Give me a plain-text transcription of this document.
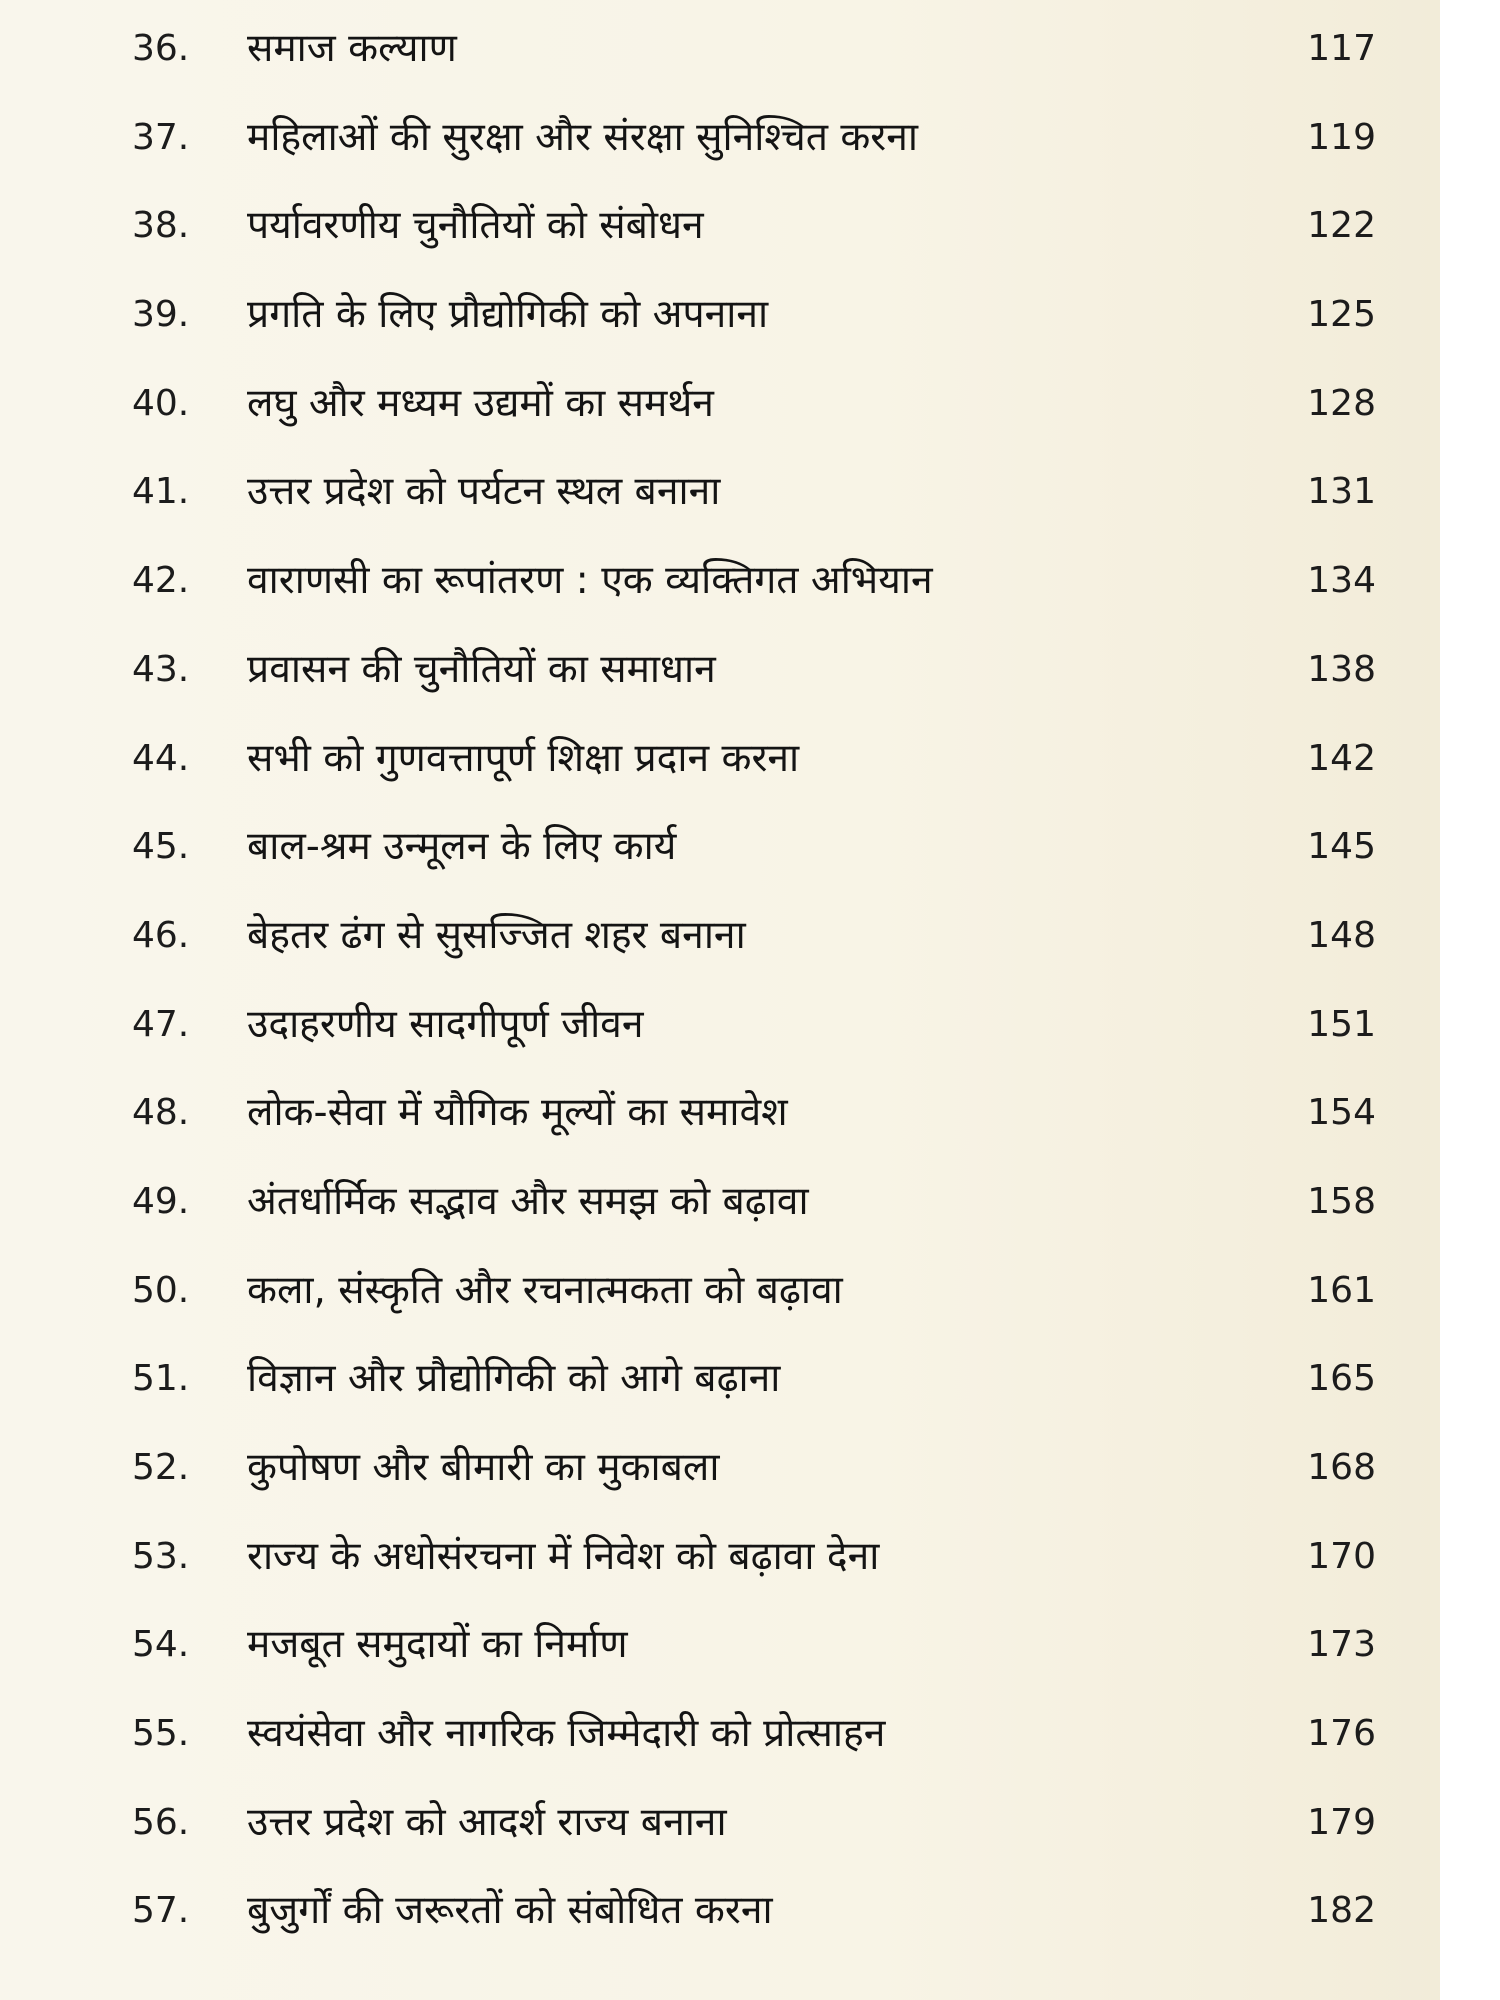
36. समाज कल्याण	117
37. महिलाओं की सुरक्षा और संरक्षा सुनिश्चित करना	119
38. पर्यावरणीय चुनौतियों को संबोधन	122
39. प्रगति के लिए प्रौद्योगिकी को अपनाना	125
40. लघु और मध्यम उद्यमों का समर्थन	128
41. उत्तर प्रदेश को पर्यटन स्थल बनाना	131
42. वाराणसी का रूपांतरण : एक व्यक्तिगत अभियान	134
43. प्रवासन की चुनौतियों का समाधान	138
44. सभी को गुणवत्तापूर्ण शिक्षा प्रदान करना	142
45. बाल-श्रम उन्मूलन के लिए कार्य	145
46. बेहतर ढंग से सुसज्जित शहर बनाना	148
47. उदाहरणीय सादगीपूर्ण जीवन	151
48. लोक-सेवा में यौगिक मूल्यों का समावेश	154
49. अंतर्धार्मिक सद्भाव और समझ को बढ़ावा	158
50. कला, संस्कृति और रचनात्मकता को बढ़ावा	161
51. विज्ञान और प्रौद्योगिकी को आगे बढ़ाना	165
52. कुपोषण और बीमारी का मुकाबला	168
53. राज्य के अधोसंरचना में निवेश को बढ़ावा देना	170
54. मजबूत समुदायों का निर्माण	173
55. स्वयंसेवा और नागरिक जिम्मेदारी को प्रोत्साहन	176
56. उत्तर प्रदेश को आदर्श राज्य बनाना	179
57. बुजुर्गों की जरूरतों को संबोधित करना	182
